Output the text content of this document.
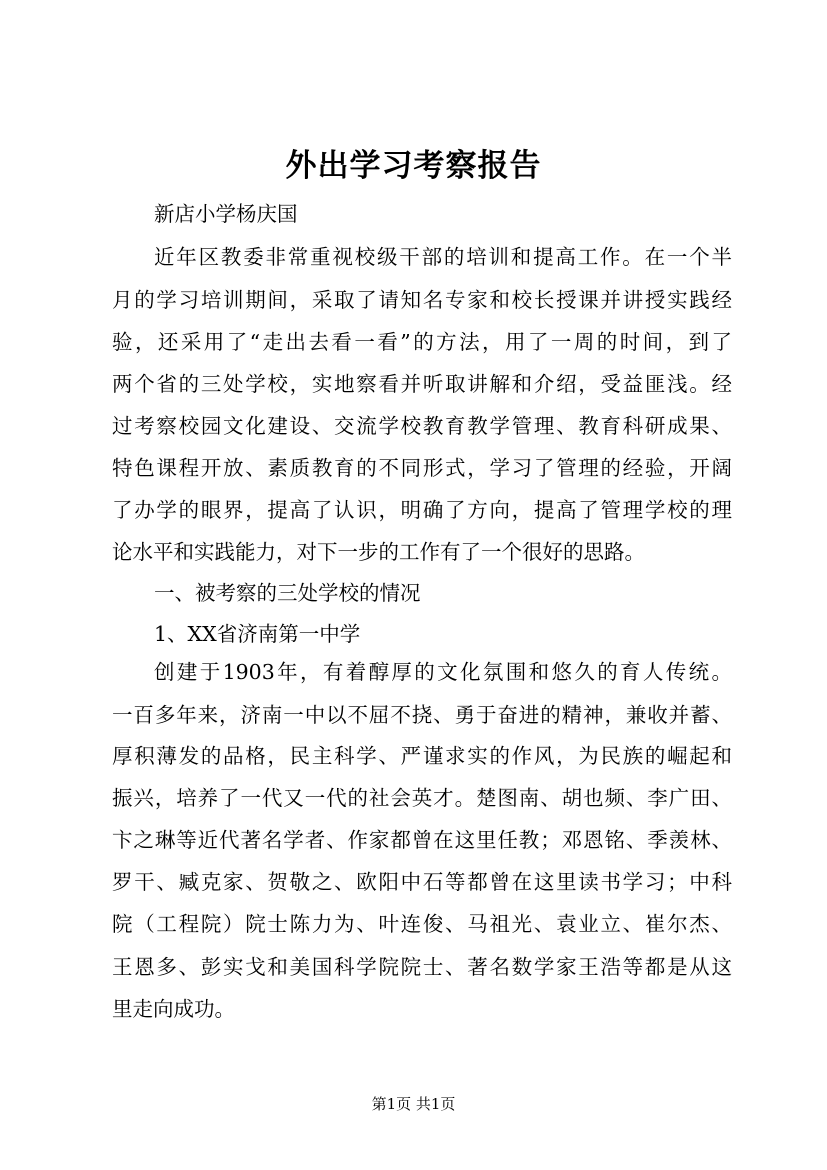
外出学习考察报告

新店小学杨庆国

近年区教委非常重视校级干部的培训和提高工作。在一个半

月的学习培训期间，采取了请知名专家和校长授课并讲授实践经

验，还采用了“走出去看一看”的方法，用了一周的时间，到了

两个省的三处学校，实地察看并听取讲解和介绍，受益匪浅。经

过考察校园文化建设、交流学校教育教学管理、教育科研成果、

特色课程开放、素质教育的不同形式，学习了管理的经验，开阔

了办学的眼界，提高了认识，明确了方向，提高了管理学校的理

论水平和实践能力，对下一步的工作有了一个很好的思路。

一、被考察的三处学校的情况

1、XX省济南第一中学

创建于1903年，有着醇厚的文化氛围和悠久的育人传统。

一百多年来，济南一中以不屈不挠、勇于奋进的精神，兼收并蓄、

厚积薄发的品格，民主科学、严谨求实的作风，为民族的崛起和

振兴，培养了一代又一代的社会英才。楚图南、胡也频、李广田、

卞之琳等近代著名学者、作家都曾在这里任教；邓恩铭、季羡林、

罗干、臧克家、贺敬之、欧阳中石等都曾在这里读书学习；中科

院（工程院）院士陈力为、叶连俊、马祖光、袁业立、崔尔杰、

王恩多、彭实戈和美国科学院院士、著名数学家王浩等都是从这

里走向成功。

第1页 共1页
